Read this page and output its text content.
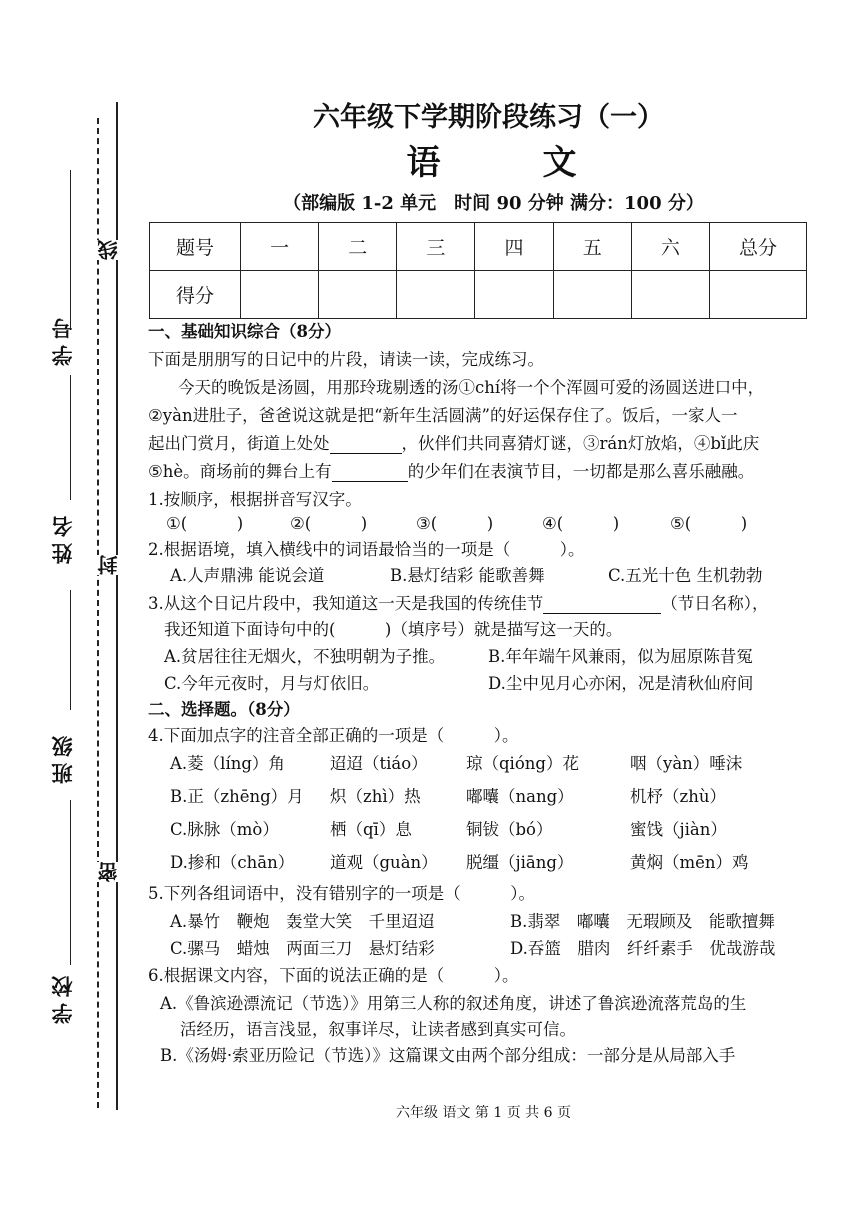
学号
姓名
班级
学校
线
封
密
六年级下学期阶段练习（一）
语　文
（部编版 1-2 单元　时间 90 分钟 满分：100 分）
题号	一	二	三	四	五	六	总分
得分							
一、基础知识综合（8分）
下面是朋朋写的日记中的片段，请读一读，完成练习。
今天的晚饭是汤圆，用那玲珑剔透的汤①chí将一个个浑圆可爱的汤圆送进口中，
②yàn进肚子，爸爸说这就是把“新年生活圆满”的好运保存住了。饭后，一家人一
起出门赏月，街道上处处	，伙伴们共同喜猜灯谜，③rán灯放焰，④bǐ此庆
⑤hè。商场前的舞台上有	的少年们在表演节目，一切都是那么喜乐融融。
1.按顺序，根据拼音写汉字。
①(　　　)	②(　　　)	③(　　　)	④(　　　)	⑤(　　　)
2.根据语境，填入横线中的词语最恰当的一项是（　　　）。
A.人声鼎沸 能说会道	B.悬灯结彩 能歌善舞	C.五光十色 生机勃勃
3.从这个日记片段中，我知道这一天是我国的传统佳节	（节日名称），
我还知道下面诗句中的(　　　)（填序号）就是描写这一天的。
A.贫居往往无烟火，不独明朝为子推。	B.年年端午风兼雨，似为屈原陈昔冤
C.今年元夜时，月与灯依旧。	D.尘中见月心亦闲，况是清秋仙府间
二、选择题。（8分）
4.下面加点字的注音全部正确的一项是（　　　）。
A.菱（líng）角	迢迢（tiáo） 琼（qióng）花	咽（yàn）唾沫
B.正（zhēng）月 炽（zhì）热	嘟囔（nang）	机杼（zhù）
C.脉脉（mò）	栖（qī）息	铜钹（bó）	蜜饯（jiàn）
D.掺和（chān） 道观（guàn） 脱缰（jiāng）	黄焖（mēn）鸡
5.下列各组词语中，没有错别字的一项是（　　　）。
A.暴竹　鞭炮　轰堂大笑　千里迢迢	B.翡翠　嘟囔　无瑕顾及　能歌擅舞
C.骡马　蜡烛　两面三刀　悬灯结彩	D.吞篮　腊肉　纤纤素手　优哉游哉
6.根据课文内容，下面的说法正确的是（　　　）。
A.《鲁滨逊漂流记（节选）》用第三人称的叙述角度，讲述了鲁滨逊流落荒岛的生
活经历，语言浅显，叙事详尽，让读者感到真实可信。
B.《汤姆·索亚历险记（节选）》这篇课文由两个部分组成：一部分是从局部入手
六年级 语文 第 1 页 共 6 页
